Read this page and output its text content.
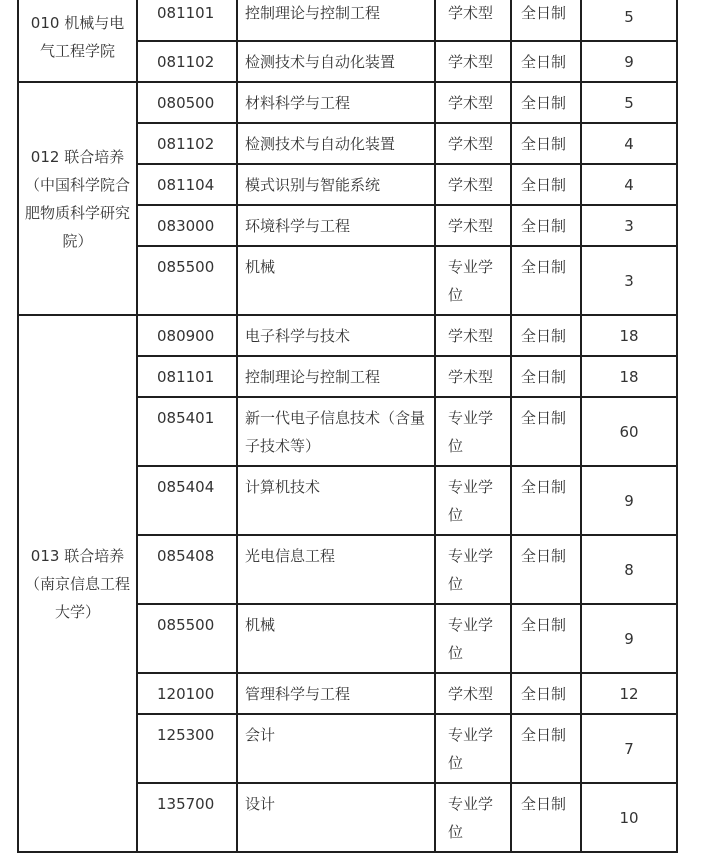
010 机械与电气工程学院	081101	控制理论与控制工程	学术型	全日制	5
	081102	检测技术与自动化装置	学术型	全日制	9
012 联合培养（中国科学院合肥物质科学研究院）	080500	材料科学与工程	学术型	全日制	5
	081102	检测技术与自动化装置	学术型	全日制	4
	081104	模式识别与智能系统	学术型	全日制	4
	083000	环境科学与工程	学术型	全日制	3
	085500	机械	专业学位	全日制	3
013 联合培养（南京信息工程大学）	080900	电子科学与技术	学术型	全日制	18
	081101	控制理论与控制工程	学术型	全日制	18
	085401	新一代电子信息技术（含量子技术等）	专业学位	全日制	60
	085404	计算机技术	专业学位	全日制	9
	085408	光电信息工程	专业学位	全日制	8
	085500	机械	专业学位	全日制	9
	120100	管理科学与工程	学术型	全日制	12
	125300	会计	专业学位	全日制	7
	135700	设计	专业学位	全日制	10
